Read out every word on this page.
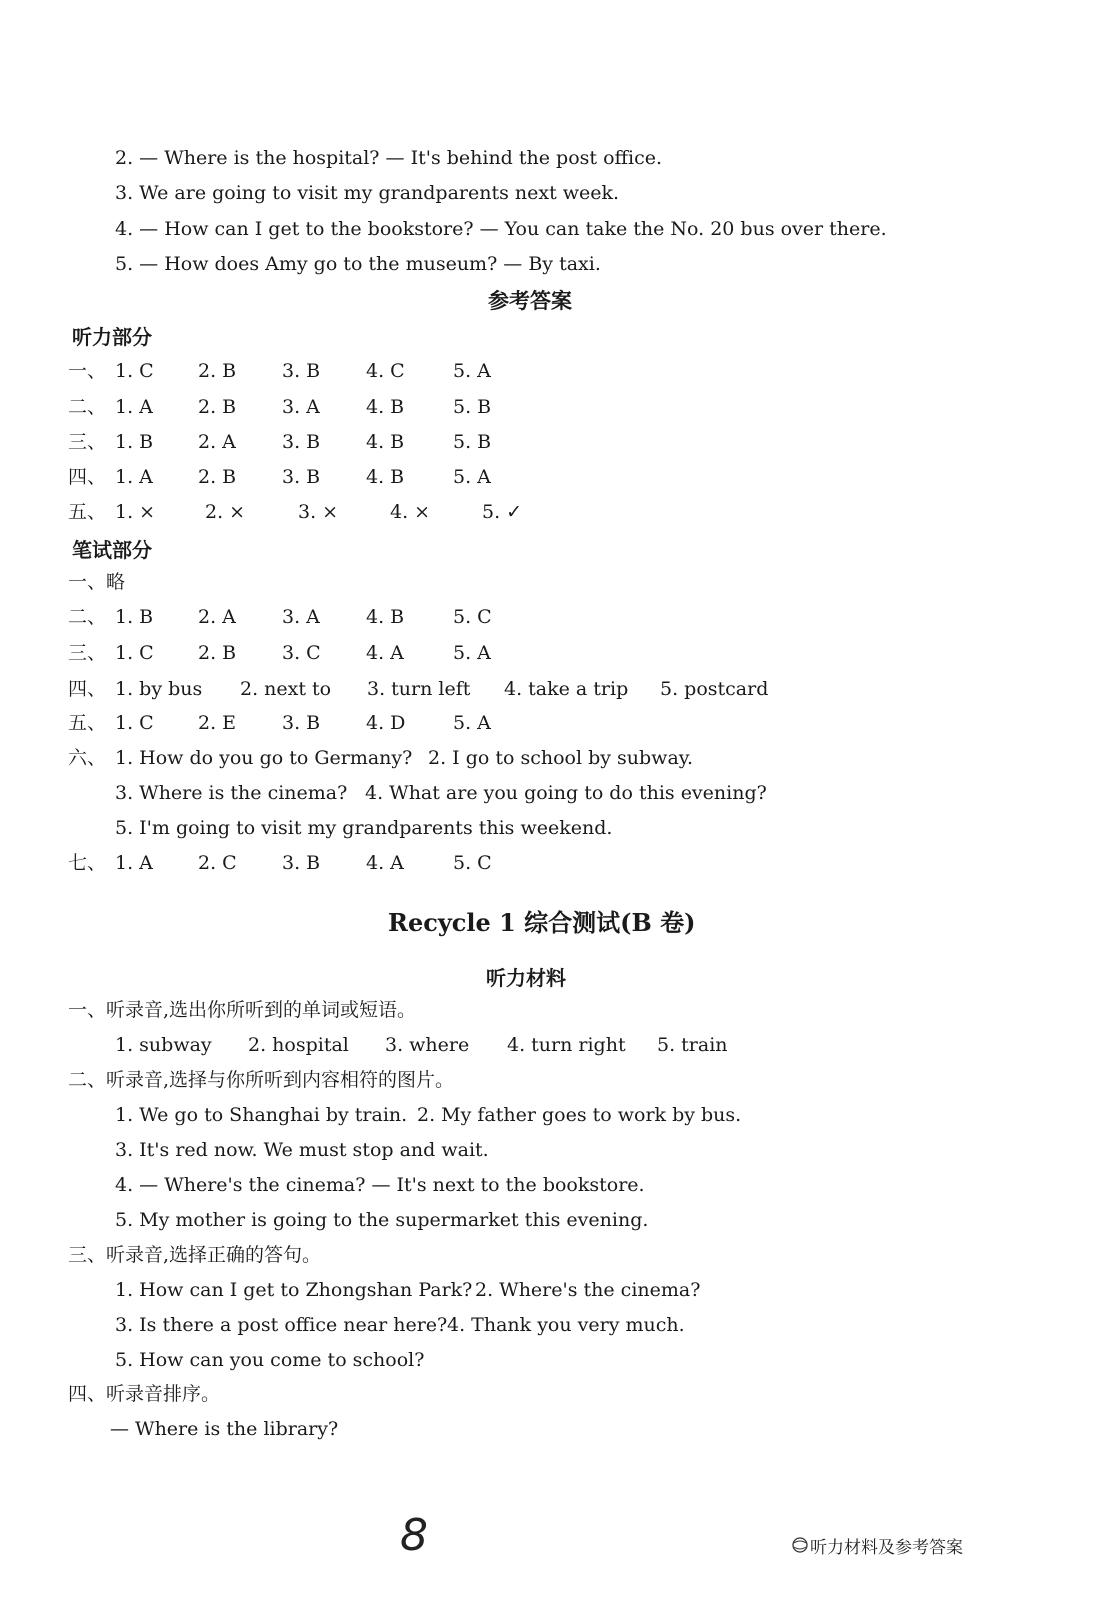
2. — Where is the hospital? — It's behind the post office.
3. We are going to visit my grandparents next week.
4. — How can I get to the bookstore? — You can take the No. 20 bus over there.
5. — How does Amy go to the museum? — By taxi.
参考答案
听力部分
一、 1. C 2. B 3. B 4. C	5. A
二、 1. A 2. B 3. A 4. B	5. B
三、 1. B 2. A 3. B 4. B	5. B
四、 1. A 2. B 3. B 4. B	5. A
五、 1. ×	2. ×	3. ×	4. ×	5. ✓
笔试部分
一、略
二、 1. B 2. A 3. A 4. B	5. C
三、 1. C 2. B 3. C 4. A	5. A
四、 1. by bus 2. next to 3. turn left 4. take a trip 5. postcard
五、 1. C 2. E 3. B 4. D	5. A
六、 1. How do you go to Germany? 2. I go to school by subway.
3. Where is the cinema? 4. What are you going to do this evening?
5. I'm going to visit my grandparents this weekend.
七、 1. A 2. C 3. B 4. A	5. C
Recycle 1 综合测试(B 卷)
听力材料
一、听录音,选出你所听到的单词或短语。
1. subway 2. hospital 3. where 4. turn right 5. train
二、听录音,选择与你所听到内容相符的图片。
1. We go to Shanghai by train. 2. My father goes to work by bus.
3. It's red now. We must stop and wait.
4. — Where's the cinema? — It's next to the bookstore.
5. My mother is going to the supermarket this evening.
三、听录音,选择正确的答句。
1. How can I get to Zhongshan Park? 2. Where's the cinema?
3. Is there a post office near here? 4. Thank you very much.
5. How can you come to school?
四、听录音排序。
— Where is the library?
8	听力材料及参考答案
